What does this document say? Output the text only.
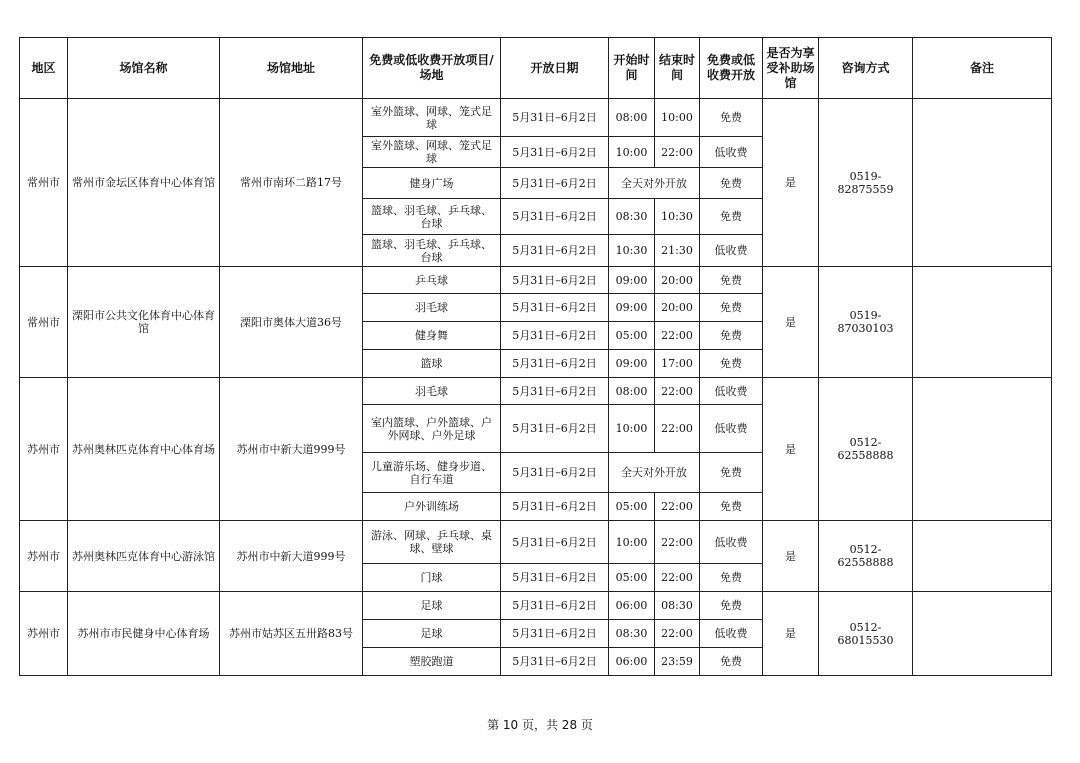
地区	场馆名称	场馆地址	免费或低收费开放项目/场地	开放日期	开始时间	结束时间	免费或低收费开放	是否为享受补助场馆	咨询方式	备注
常州市	常州市金坛区体育中心体育馆	常州市南环二路17号	室外篮球、网球、笼式足球	5月31日–6月2日	08:00	10:00	免费	是	0519-82875559	
			室外篮球、网球、笼式足球	5月31日–6月2日	10:00	22:00	低收费			
			健身广场	5月31日–6月2日	全天对外开放		免费			
			篮球、羽毛球、乒乓球、台球	5月31日–6月2日	08:30	10:30	免费			
			篮球、羽毛球、乒乓球、台球	5月31日–6月2日	10:30	21:30	低收费			
常州市	溧阳市公共文化体育中心体育馆	溧阳市奥体大道36号	乒乓球	5月31日–6月2日	09:00	20:00	免费	是	0519-87030103	
			羽毛球	5月31日–6月2日	09:00	20:00	免费			
			健身舞	5月31日–6月2日	05:00	22:00	免费			
			篮球	5月31日–6月2日	09:00	17:00	免费			
苏州市	苏州奥林匹克体育中心体育场	苏州市中新大道999号	羽毛球	5月31日–6月2日	08:00	22:00	低收费	是	0512-62558888	
			室内篮球、户外篮球、户外网球、户外足球	5月31日–6月2日	10:00	22:00	低收费			
			儿童游乐场、健身步道、自行车道	5月31日–6月2日	全天对外开放		免费			
			户外训练场	5月31日–6月2日	05:00	22:00	免费			
苏州市	苏州奥林匹克体育中心游泳馆	苏州市中新大道999号	游泳、网球、乒乓球、桌球、壁球	5月31日–6月2日	10:00	22:00	低收费	是	0512-62558888	
			门球	5月31日–6月2日	05:00	22:00	免费			
苏州市	苏州市市民健身中心体育场	苏州市姑苏区五卅路83号	足球	5月31日–6月2日	06:00	08:30	免费	是	0512-68015530	
			足球	5月31日–6月2日	08:30	22:00	低收费			
			塑胶跑道	5月31日–6月2日	06:00	23:59	免费			
第 10 页，共 28 页
